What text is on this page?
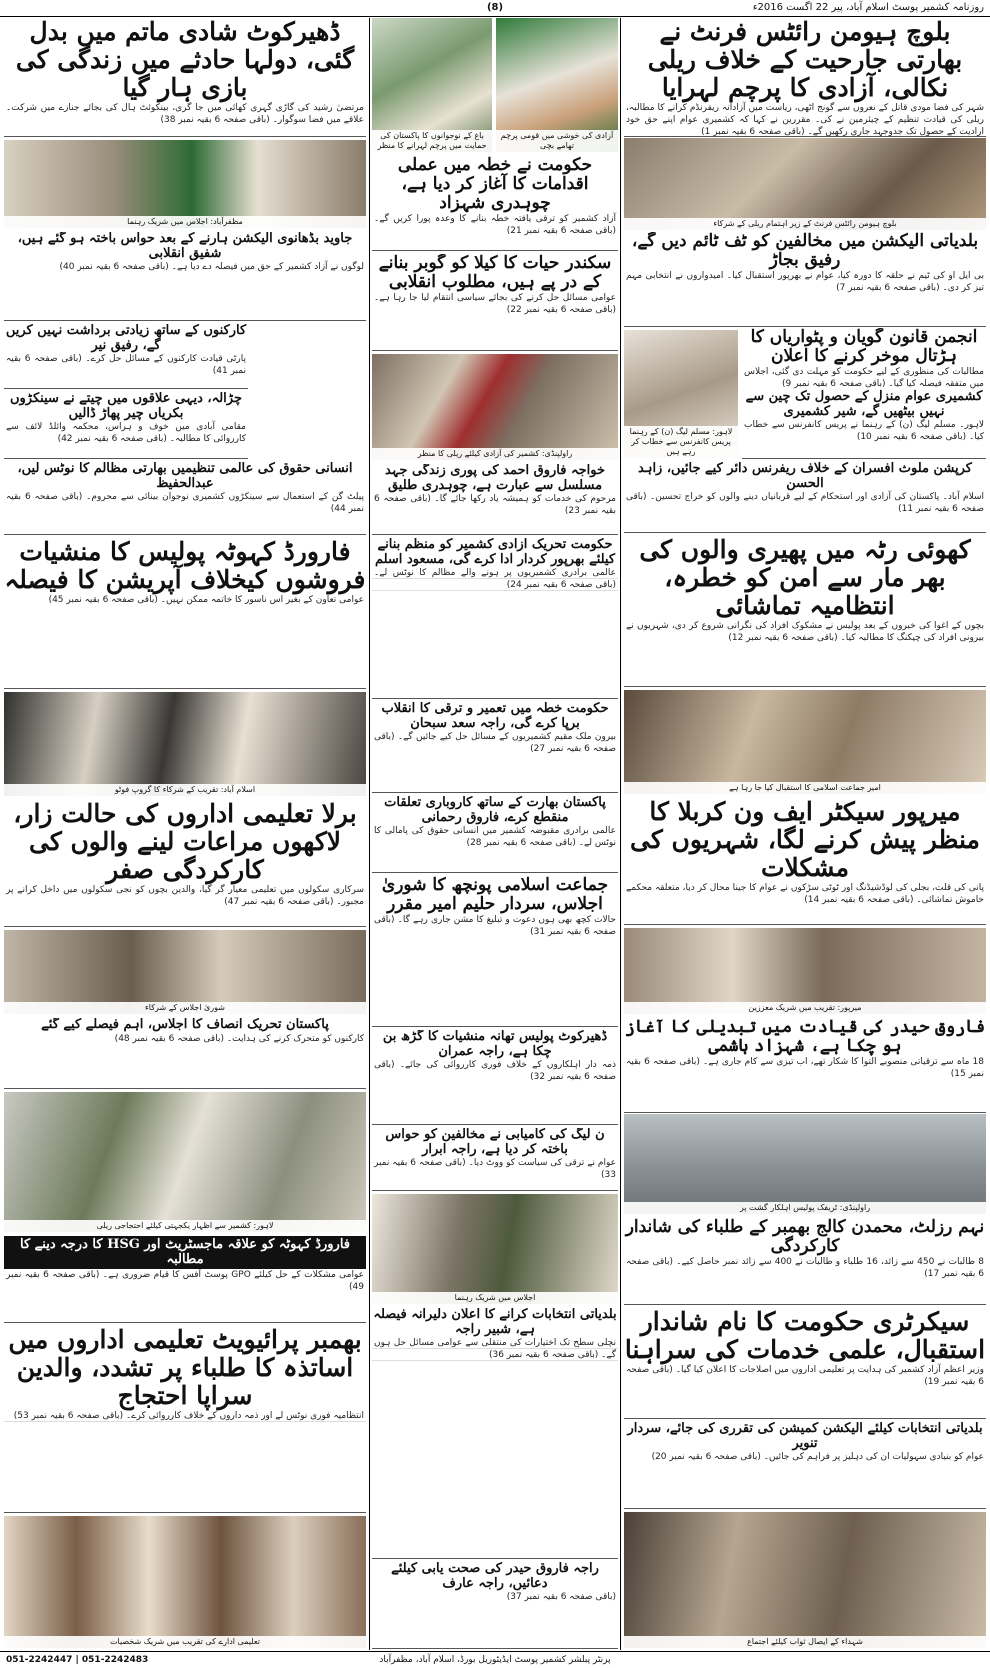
(8)	روزنامہ کشمیر پوسٹ اسلام آباد، پیر 22 اگست 2016ء
بلوچ ہیومن رائٹس فرنٹ نے بھارتی جارحیت کے خلاف ریلی نکالی، آزادی کا پرچم لہرایا
شہر کی فضا مودی قاتل کے نعروں سے گونج اٹھی، ریاست میں آزادانہ ریفرنڈم کرانے کا مطالبہ، ریلی کی قیادت تنظیم کے چیئرمین نے کی۔ مقررین نے کہا کہ کشمیری عوام اپنے حق خود ارادیت کے حصول تک جدوجہد جاری رکھیں گے۔ (باقی صفحہ 6 بقیہ نمبر 1)
بلوچ ہیومن رائٹس فرنٹ کے زیر اہتمام ریلی کے شرکاء
بلدیاتی الیکشن میں مخالفین کو ٹف ٹائم دیں گے، رفیق بجاڑ
بی ایل او کی ٹیم نے حلقہ کا دورہ کیا، عوام نے بھرپور استقبال کیا۔ امیدواروں نے انتخابی مہم تیز کر دی۔ (باقی صفحہ 6 بقیہ نمبر 7)
انجمن قانون گویان و پٹواریاں کا ہڑتال موخر کرنے کا اعلان
مطالبات کی منظوری کے لیے حکومت کو مہلت دی گئی، اجلاس میں متفقہ فیصلہ کیا گیا۔ (باقی صفحہ 6 بقیہ نمبر 9)
کشمیری عوام منزل کے حصول تک چین سے نہیں بیٹھیں گے، شیر کشمیری
لاہور۔ مسلم لیگ (ن) کے رہنما نے پریس کانفرنس سے خطاب کیا۔ (باقی صفحہ 6 بقیہ نمبر 10)
لاہور: مسلم لیگ (ن) کے رہنما پریس کانفرنس سے خطاب کر رہے ہیں
کرپشن ملوث افسران کے خلاف ریفرنس دائر کیے جائیں، زاہد الحسن
اسلام آباد۔ پاکستان کی آزادی اور استحکام کے لیے قربانیاں دینے والوں کو خراج تحسین۔ (باقی صفحہ 6 بقیہ نمبر 11)
کھوئی رٹہ میں پھیری والوں کی بھر مار سے امن کو خطرہ، انتظامیہ تماشائی
بچوں کے اغوا کی خبروں کے بعد پولیس نے مشکوک افراد کی نگرانی شروع کر دی، شہریوں نے بیرونی افراد کی چیکنگ کا مطالبہ کیا۔ (باقی صفحہ 6 بقیہ نمبر 12)
امیر جماعت اسلامی کا استقبال کیا جا رہا ہے
میرپور سیکٹر ایف ون کربلا کا منظر پیش کرنے لگا، شہریوں کی مشکلات
پانی کی قلت، بجلی کی لوڈشیڈنگ اور ٹوٹی سڑکوں نے عوام کا جینا محال کر دیا، متعلقہ محکمے خاموش تماشائی۔ (باقی صفحہ 6 بقیہ نمبر 14)
میرپور: تقریب میں شریک معززین
فاروق حیدر کی قیادت میں تبدیلی کا آغاز ہو چکا ہے، شہزاد ہاشمی
18 ماہ سے ترقیاتی منصوبے التوا کا شکار تھے، اب تیزی سے کام جاری ہے۔ (باقی صفحہ 6 بقیہ نمبر 15)
راولپنڈی: ٹریفک پولیس اہلکار گشت پر
نہم رزلٹ، محمدن کالج بھمبر کے طلباء کی شاندار کارکردگی
8 طالبات نے 450 سے زائد، 16 طلباء و طالبات نے 400 سے زائد نمبر حاصل کیے۔ (باقی صفحہ 6 بقیہ نمبر 17)
سیکرٹری حکومت کا نام شاندار استقبال، علمی خدمات کی سراہنا
وزیر اعظم آزاد کشمیر کی ہدایت پر تعلیمی اداروں میں اصلاحات کا اعلان کیا گیا۔ (باقی صفحہ 6 بقیہ نمبر 19)
بلدیاتی انتخابات کیلئے الیکشن کمیشن کی تقرری کی جائے، سردار تنویر
عوام کو بنیادی سہولیات ان کی دہلیز پر فراہم کی جائیں۔ (باقی صفحہ 6 بقیہ نمبر 20)
شہداء کے ایصال ثواب کیلئے اجتماع
آزادی کی خوشی میں قومی پرچم تھامے بچی
باغ کے نوجوانوں کا پاکستان کی حمایت میں پرچم لہرانے کا منظر
حکومت نے خطہ میں عملی اقدامات کا آغاز کر دیا ہے، چوہدری شہزاد
آزاد کشمیر کو ترقی یافتہ خطہ بنانے کا وعدہ پورا کریں گے۔ (باقی صفحہ 6 بقیہ نمبر 21)
سکندر حیات کا کیلا کو گوبر بنانے کے در پے ہیں، مطلوب انقلابی
عوامی مسائل حل کرنے کی بجائے سیاسی انتقام لیا جا رہا ہے۔ (باقی صفحہ 6 بقیہ نمبر 22)
راولپنڈی: کشمیر کی آزادی کیلئے ریلی کا منظر
خواجہ فاروق احمد کی پوری زندگی جہد مسلسل سے عبارت ہے، چوہدری طلیق
مرحوم کی خدمات کو ہمیشہ یاد رکھا جائے گا۔ (باقی صفحہ 6 بقیہ نمبر 23)
حکومت تحریک آزادی کشمیر کو منظم بنانے کیلئے بھرپور کردار ادا کرے گی، مسعود اسلم
عالمی برادری کشمیریوں پر ہونے والے مظالم کا نوٹس لے۔ (باقی صفحہ 6 بقیہ نمبر 24)
حکومت خطہ میں تعمیر و ترقی کا انقلاب برپا کرے گی، راجہ سعد سبحان
بیرون ملک مقیم کشمیریوں کے مسائل حل کیے جائیں گے۔ (باقی صفحہ 6 بقیہ نمبر 27)
پاکستان بھارت کے ساتھ کاروباری تعلقات منقطع کرے، فاروق رحمانی
عالمی برادری مقبوضہ کشمیر میں انسانی حقوق کی پامالی کا نوٹس لے۔ (باقی صفحہ 6 بقیہ نمبر 28)
جماعت اسلامی پونچھ کا شوریٰ اجلاس، سردار حلیم امیر مقرر
حالات کچھ بھی ہوں دعوت و تبلیغ کا مشن جاری رہے گا۔ (باقی صفحہ 6 بقیہ نمبر 31)
ڈھیرکوٹ پولیس تھانہ منشیات کا گڑھ بن چکا ہے، راجہ عمران
ذمہ دار اہلکاروں کے خلاف فوری کارروائی کی جائے۔ (باقی صفحہ 6 بقیہ نمبر 32)
ن لیگ کی کامیابی نے مخالفین کو حواس باختہ کر دیا ہے، راجہ ابرار
عوام نے ترقی کی سیاست کو ووٹ دیا۔ (باقی صفحہ 6 بقیہ نمبر 33)
اجلاس میں شریک رہنما
بلدیاتی انتخابات کرانے کا اعلان دلیرانہ فیصلہ ہے، شبیر راجہ
نچلی سطح تک اختیارات کی منتقلی سے عوامی مسائل حل ہوں گے۔ (باقی صفحہ 6 بقیہ نمبر 36)
راجہ فاروق حیدر کی صحت یابی کیلئے دعائیں، راجہ عارف
(باقی صفحہ 6 بقیہ نمبر 37)
ڈھیرکوٹ شادی ماتم میں بدل گئی، دولہا حادثے میں زندگی کی بازی ہار گیا
مرتضیٰ رشید کی گاڑی گہری کھائی میں جا گری، بینکوئٹ ہال کی بجائے جنازے میں شرکت۔ علاقے میں فضا سوگوار۔ (باقی صفحہ 6 بقیہ نمبر 38)
مظفرآباد: اجلاس میں شریک رہنما
جاوید بڈھانوی الیکشن ہارنے کے بعد حواس باختہ ہو گئے ہیں، شفیق انقلابی
لوگوں نے آزاد کشمیر کے حق میں فیصلہ دے دیا ہے۔ (باقی صفحہ 6 بقیہ نمبر 40)
کارکنوں کے ساتھ زیادتی برداشت نہیں کریں گے، رفیق نیر
پارٹی قیادت کارکنوں کے مسائل حل کرے۔ (باقی صفحہ 6 بقیہ نمبر 41)
چڑالہ، دیہی علاقوں میں چیتے نے سینکڑوں بکریاں چیر پھاڑ ڈالیں
مقامی آبادی میں خوف و ہراس، محکمہ وائلڈ لائف سے کارروائی کا مطالبہ۔ (باقی صفحہ 6 بقیہ نمبر 42)
انسانی حقوق کی عالمی تنظیمیں بھارتی مظالم کا نوٹس لیں، عبدالحفیظ
پیلٹ گن کے استعمال سے سینکڑوں کشمیری نوجوان بینائی سے محروم۔ (باقی صفحہ 6 بقیہ نمبر 44)
فارورڈ کہوٹہ پولیس کا منشیات فروشوں کیخلاف آپریشن کا فیصلہ
عوامی تعاون کے بغیر اس ناسور کا خاتمہ ممکن نہیں۔ (باقی صفحہ 6 بقیہ نمبر 45)
اسلام آباد: تقریب کے شرکاء کا گروپ فوٹو
برلا تعلیمی اداروں کی حالت زار، لاکھوں مراعات لینے والوں کی کارکردگی صفر
سرکاری سکولوں میں تعلیمی معیار گر گیا، والدین بچوں کو نجی سکولوں میں داخل کرانے پر مجبور۔ (باقی صفحہ 6 بقیہ نمبر 47)
شوریٰ اجلاس کے شرکاء
پاکستان تحریک انصاف کا اجلاس، اہم فیصلے کیے گئے
کارکنوں کو متحرک کرنے کی ہدایت۔ (باقی صفحہ 6 بقیہ نمبر 48)
لاہور: کشمیر سے اظہار یکجہتی کیلئے احتجاجی ریلی
فارورڈ کہوٹہ کو علاقہ ماجسٹریٹ اور HSG کا درجہ دینے کا مطالبہ
عوامی مشکلات کے حل کیلئے GPO پوسٹ آفس کا قیام ضروری ہے۔ (باقی صفحہ 6 بقیہ نمبر 49)
بھمبر پرائیویٹ تعلیمی اداروں میں اساتذہ کا طلباء پر تشدد، والدین سراپا احتجاج
انتظامیہ فوری نوٹس لے اور ذمہ داروں کے خلاف کارروائی کرے۔ (باقی صفحہ 6 بقیہ نمبر 53)
تعلیمی ادارے کی تقریب میں شریک شخصیات
پرنٹر پبلشر کشمیر پوسٹ ایڈیٹوریل بورڈ، اسلام آباد، مظفرآباد
051-2242447 | 051-2242483
